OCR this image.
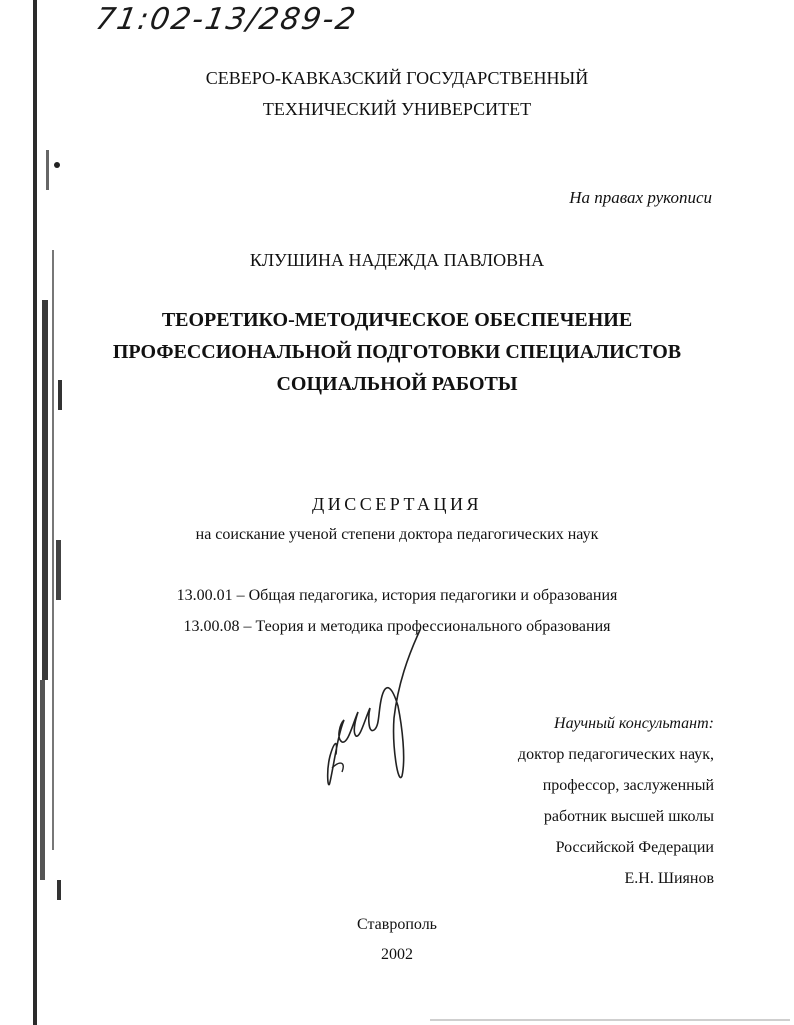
71:02-13/289-2
СЕВЕРО-КАВКАЗСКИЙ ГОСУДАРСТВЕННЫЙ
ТЕХНИЧЕСКИЙ УНИВЕРСИТЕТ
На правах рукописи
КЛУШИНА НАДЕЖДА ПАВЛОВНА
ТЕОРЕТИКО-МЕТОДИЧЕСКОЕ ОБЕСПЕЧЕНИЕ
ПРОФЕССИОНАЛЬНОЙ ПОДГОТОВКИ СПЕЦИАЛИСТОВ
СОЦИАЛЬНОЙ РАБОТЫ
ДИССЕРТАЦИЯ
на соискание ученой степени доктора педагогических наук
13.00.01 – Общая педагогика, история педагогики и образования
13.00.08 – Теория и методика профессионального образования
Научный консультант:
доктор педагогических наук,
профессор, заслуженный
работник высшей школы
Российской Федерации
Е.Н. Шиянов
Ставрополь
2002
